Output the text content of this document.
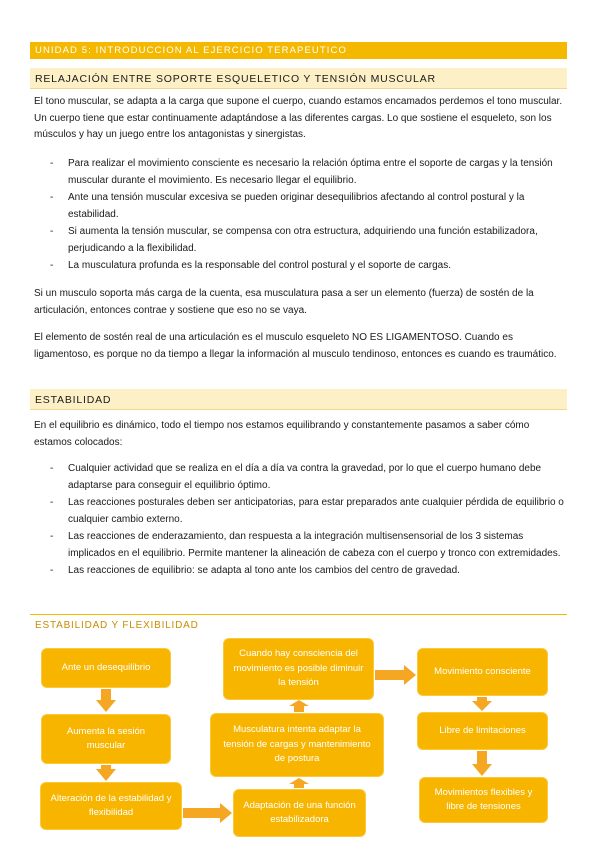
UNIDAD 5: INTRODUCCION AL EJERCICIO TERAPEUTICO
RELAJACIÓN ENTRE SOPORTE ESQUELETICO Y TENSIÓN MUSCULAR

El tono muscular, se adapta a la carga que supone el cuerpo, cuando estamos encamados perdemos el tono muscular. Un cuerpo tiene que estar continuamente adaptándose a las diferentes cargas. Lo que sostiene el esqueleto, son los músculos y hay un juego entre los antagonistas y sinergistas.

- Para realizar el movimiento consciente es necesario la relación óptima entre el soporte de cargas y la tensión muscular durante el movimiento. Es necesario llegar el equilibrio.
- Ante una tensión muscular excesiva se pueden originar desequilibrios afectando al control postural y la estabilidad.
- Si aumenta la tensión muscular, se compensa con otra estructura, adquiriendo una función estabilizadora, perjudicando a la flexibilidad.
- La musculatura profunda es la responsable del control postural y el soporte de cargas.

Si un musculo soporta más carga de la cuenta, esa musculatura pasa a ser un elemento (fuerza) de sostén de la articulación, entonces contrae y sostiene que eso no se vaya.

El elemento de sostén real de una articulación es el musculo esqueleto NO ES LIGAMENTOSO. Cuando es ligamentoso, es porque no da tiempo a llegar la información al musculo tendinoso, entonces es cuando es traumático.

ESTABILIDAD

En el equilibrio es dinámico, todo el tiempo nos estamos equilibrando y constantemente pasamos a saber cómo estamos colocados:

- Cualquier actividad que se realiza en el día a día va contra la gravedad, por lo que el cuerpo humano debe adaptarse para conseguir el equilibrio óptimo.
- Las reacciones posturales deben ser anticipatorias, para estar preparados ante cualquier pérdida de equilibrio o cualquier cambio externo.
- Las reacciones de enderazamiento, dan respuesta a la integración multisensensorial de los 3 sistemas implicados en el equilibrio. Permite mantener la alineación de cabeza con el cuerpo y tronco con extremidades.
- Las reacciones de equilibrio: se adapta al tono ante los cambios del centro de gravedad.
ESTABILIDAD Y FLEXIBILIDAD
Ante un desequilibrio
Aumenta la sesión muscular
Alteración de la estabilidad y flexibilidad
Adaptación de una función estabilizadora
Musculatura intenta adaptar la tensión de cargas y mantenimiento de postura
Cuando hay consciencia del movimiento es posible diminuir la tensión
Movimiento consciente
Libre de limitaciones
Movimientos flexibles y libre de tensiones
